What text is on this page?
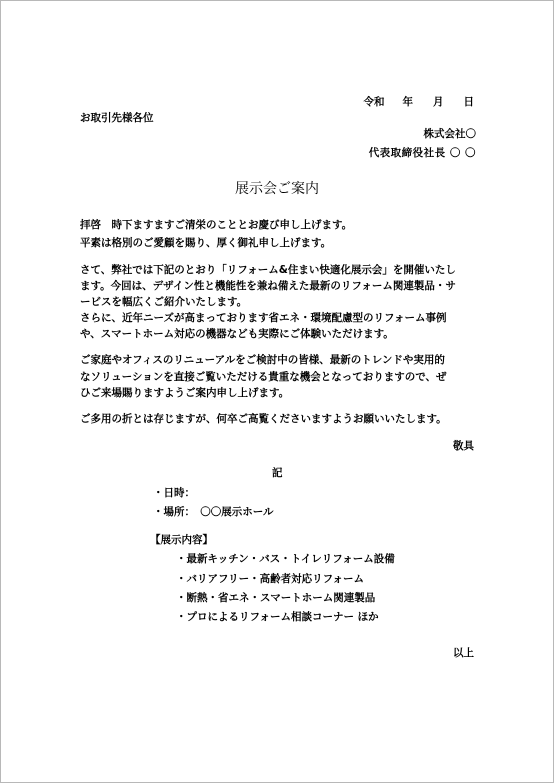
令和 年 月 日
お取引先様各位
株式会社〇
代表取締役社長 〇 〇
展示会ご案内

拝啓　時下ますますご清栄のこととお慶び申し上げます。

平素は格別のご愛顧を賜り、厚く御礼申し上げます。

さて、弊社では下記のとおり「リフォーム&住まい快適化展示会」を開催いたし

ます。今回は、デザイン性と機能性を兼ね備えた最新のリフォーム関連製品・サ

ービスを幅広くご紹介いたします。

さらに、近年ニーズが高まっております省エネ・環境配慮型のリフォーム事例

や、スマートホーム対応の機器なども実際にご体験いただけます。

ご家庭やオフィスのリニューアルをご検討中の皆様、最新のトレンドや実用的

なソリューションを直接ご覧いただける貴重な機会となっておりますので、ぜ

ひご来場賜りますようご案内申し上げます。

ご多用の折とは存じますが、何卒ご高覧くださいますようお願いいたします。

敬具
記
・日時：
・場所：　〇〇展示ホール
【展示内容】
・最新キッチン・バス・トイレリフォーム設備
・バリアフリー・高齢者対応リフォーム
・断熱・省エネ・スマートホーム関連製品
・プロによるリフォーム相談コーナー ほか
以上
